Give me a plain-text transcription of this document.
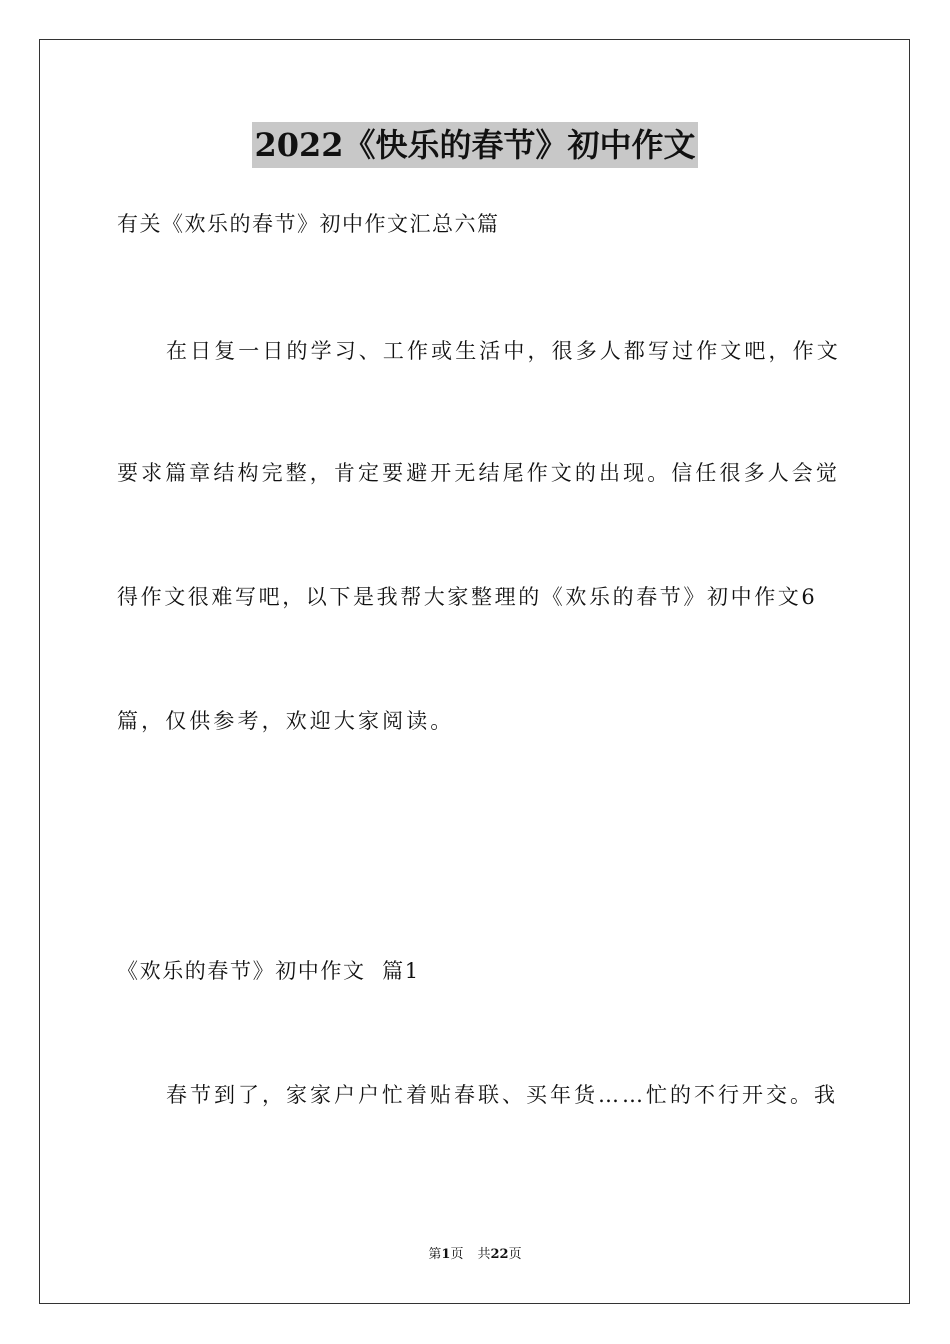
2022《快乐的春节》初中作文
有关《欢乐的春节》初中作文汇总六篇
在日复一日的学习、工作或生活中，很多人都写过作文吧，作文
要求篇章结构完整，肯定要避开无结尾作文的出现。信任很多人会觉
得作文很难写吧，以下是我帮大家整理的《欢乐的春节》初中作文6
篇，仅供参考，欢迎大家阅读。
《欢乐的春节》初中作文  篇1
春节到了，家家户户忙着贴春联、买年货……忙的不行开交。我
第1页 共22页
